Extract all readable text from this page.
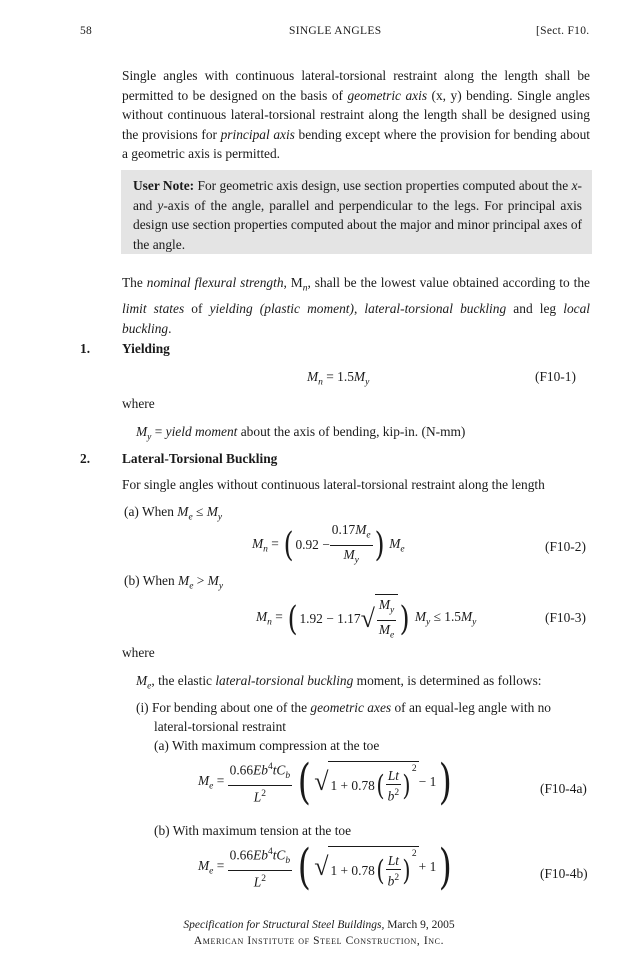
58	SINGLE ANGLES	[Sect. F10.

Single angles with continuous lateral-torsional restraint along the length shall be permitted to be designed on the basis of geometric axis (x, y) bending. Single angles without continuous lateral-torsional restraint along the length shall be designed using the provisions for principal axis bending except where the provision for bending about a geometric axis is permitted.

User Note: For geometric axis design, use section properties computed about the x- and y-axis of the angle, parallel and perpendicular to the legs. For principal axis design use section properties computed about the major and minor principal axes of the angle.

The nominal flexural strength, $M_n$, shall be the lowest value obtained according to the limit states of yielding (plastic moment), lateral-torsional buckling and leg local buckling.

1. Yielding
$M_n = 1.5M_y$	(F10-1)
where
$M_y$ = yield moment about the axis of bending, kip-in. (N-mm)
2. Lateral-Torsional Buckling
For single angles without continuous lateral-torsional restraint along the length
(a) When $M_e \le M_y$
$M_n$ = ( $0.92 - \frac{0.17M_e}{M_y}$ ) $M_e$	(F10-2)
(b) When $M_e > M_y$
$M_n$ = ( $1.92 - 1.17√ \frac{M_y}{M_e}$ ) $M_y \le 1.5M_y$	(F10-3)
where
$M_e$, the elastic lateral-torsional buckling moment, is determined as follows:
(i) For bending about one of the geometric axes of an equal-leg angle with no
lateral-torsional restraint
(a) With maximum compression at the toe
$M_e = \frac{0.66Eb^4tC_b}{L^2}$ ( √ $1 + 0.78( \frac{Lt}{b^2} )^2- 1$)	(F10-4a)
(b) With maximum tension at the toe
$M_e = \frac{0.66Eb^4tC_b}{L^2}$ ( √ $1 + 0.78( \frac{Lt}{b^2} )^2+ 1$)	(F10-4b)
Specification for Structural Steel Buildings, March 9, 2005
American Institute of Steel Construction, Inc.
